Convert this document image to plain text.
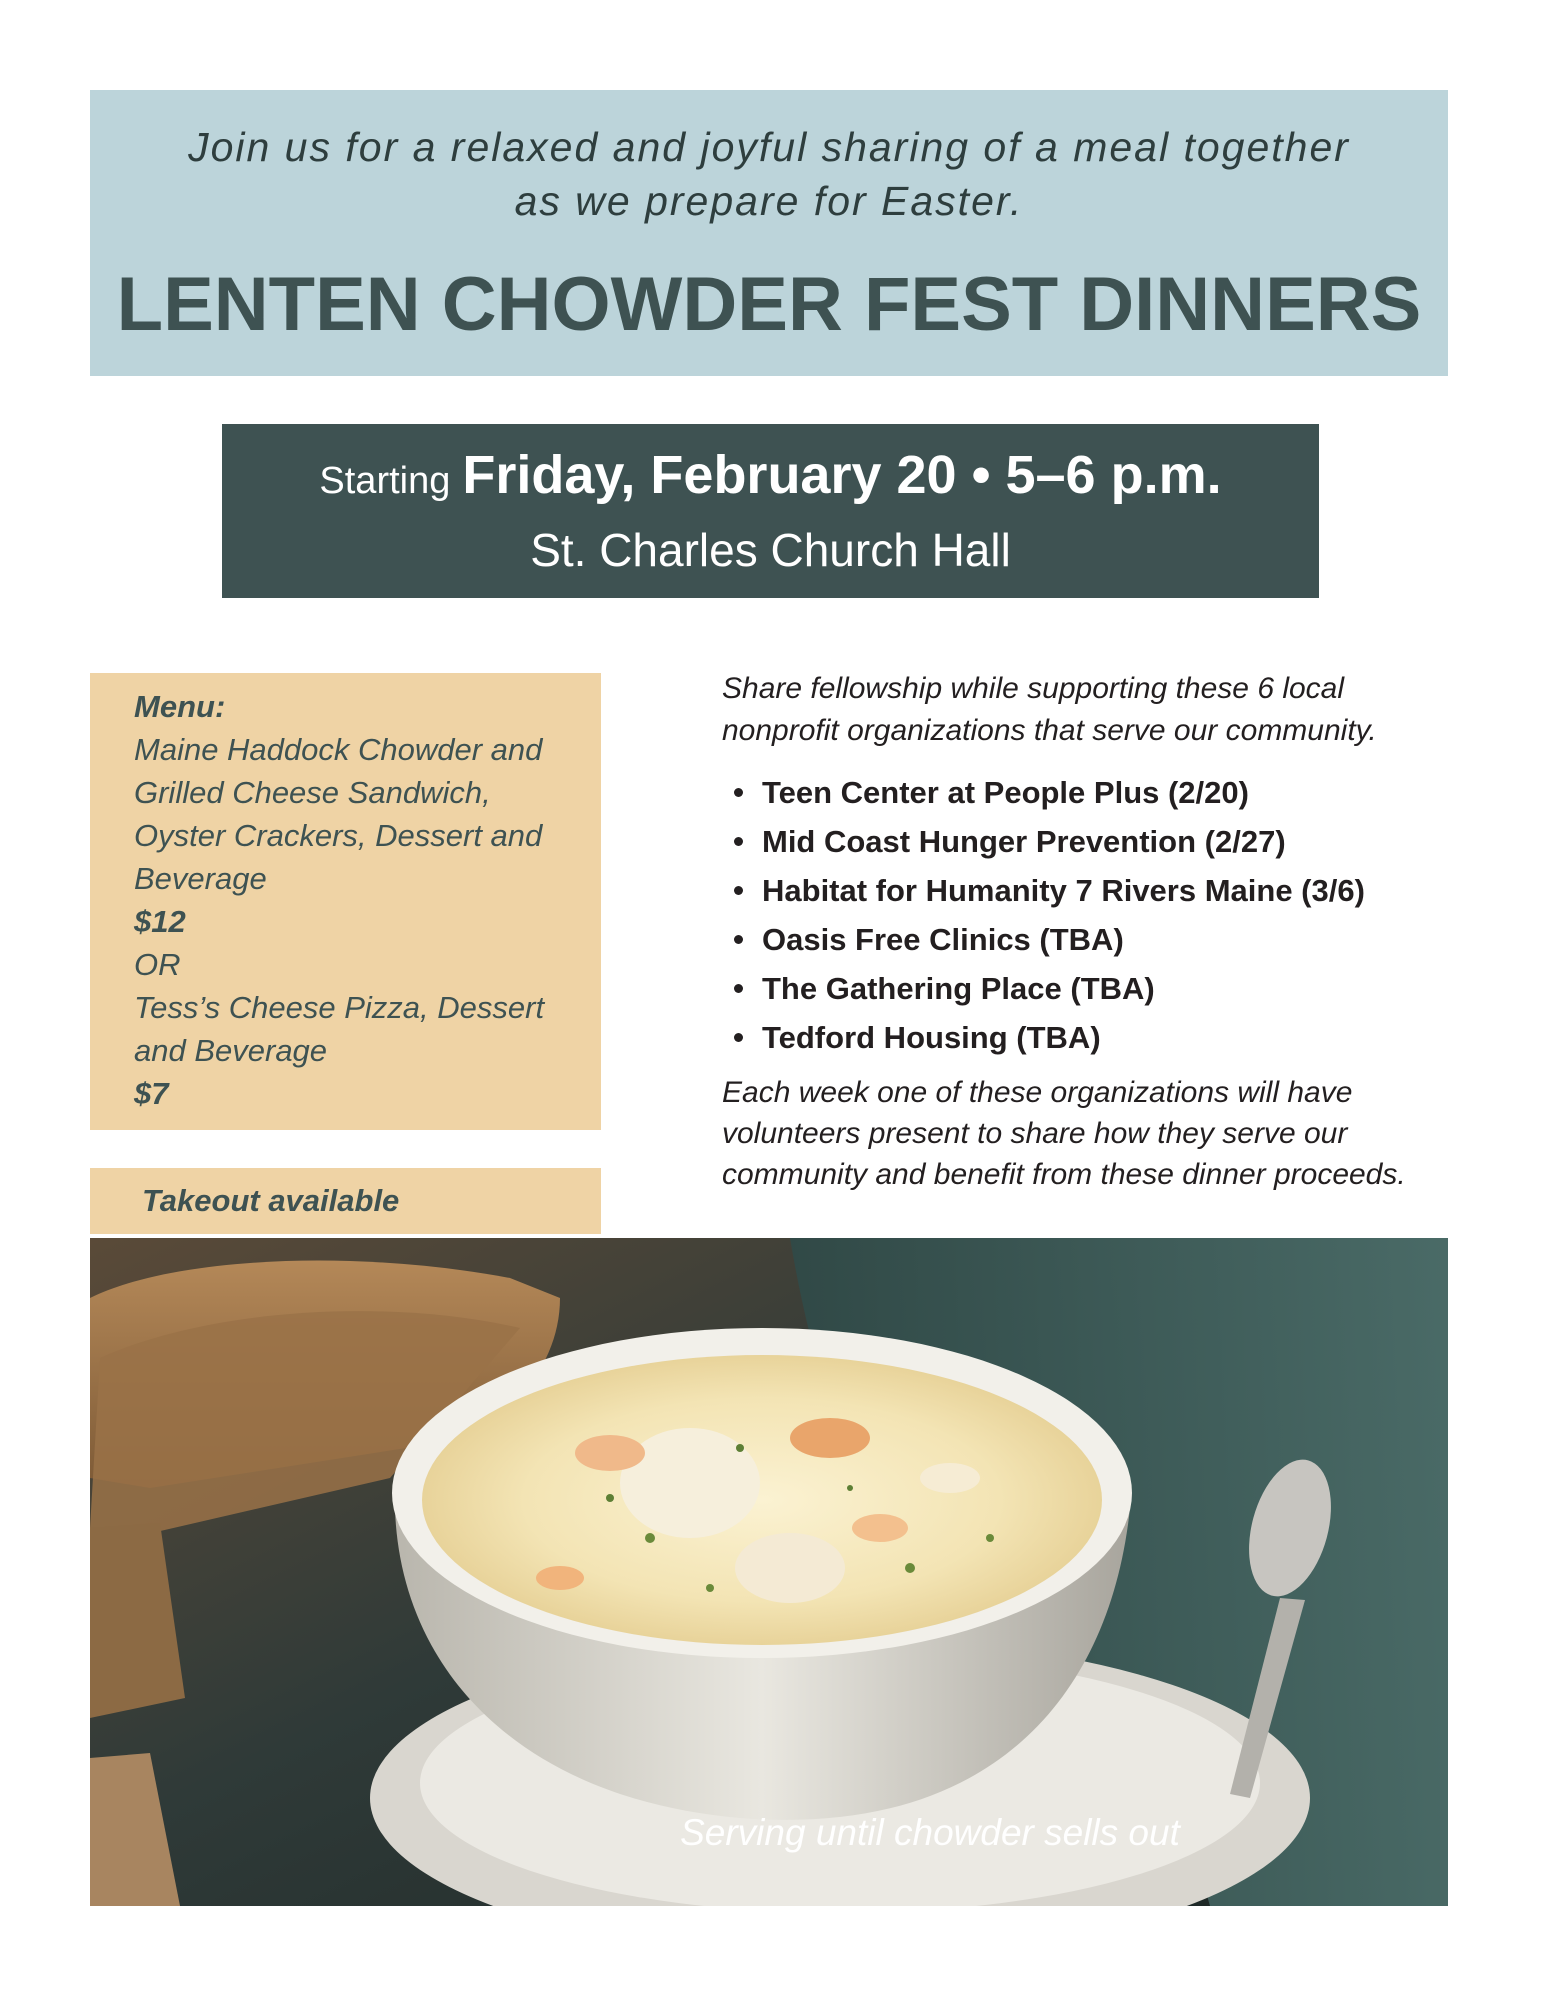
Join us for a relaxed and joyful sharing of a meal together
as we prepare for Easter.
LENTEN CHOWDER FEST DINNERS
Starting Friday, February 20 • 5–6 p.m.
St. Charles Church Hall
Menu:
Maine Haddock Chowder and
Grilled Cheese Sandwich,
Oyster Crackers, Dessert and
Beverage
$12
OR
Tess’s Cheese Pizza, Dessert
and Beverage
$7
Takeout available
Share fellowship while supporting these 6 local
nonprofit organizations that serve our community.
Teen Center at People Plus (2/20)
Mid Coast Hunger Prevention (2/27)
Habitat for Humanity 7 Rivers Maine (3/6)
Oasis Free Clinics (TBA)
The Gathering Place (TBA)
Tedford Housing (TBA)
Each week one of these organizations will have
volunteers present to share how they serve our
community and benefit from these dinner proceeds.
Serving until chowder sells out
